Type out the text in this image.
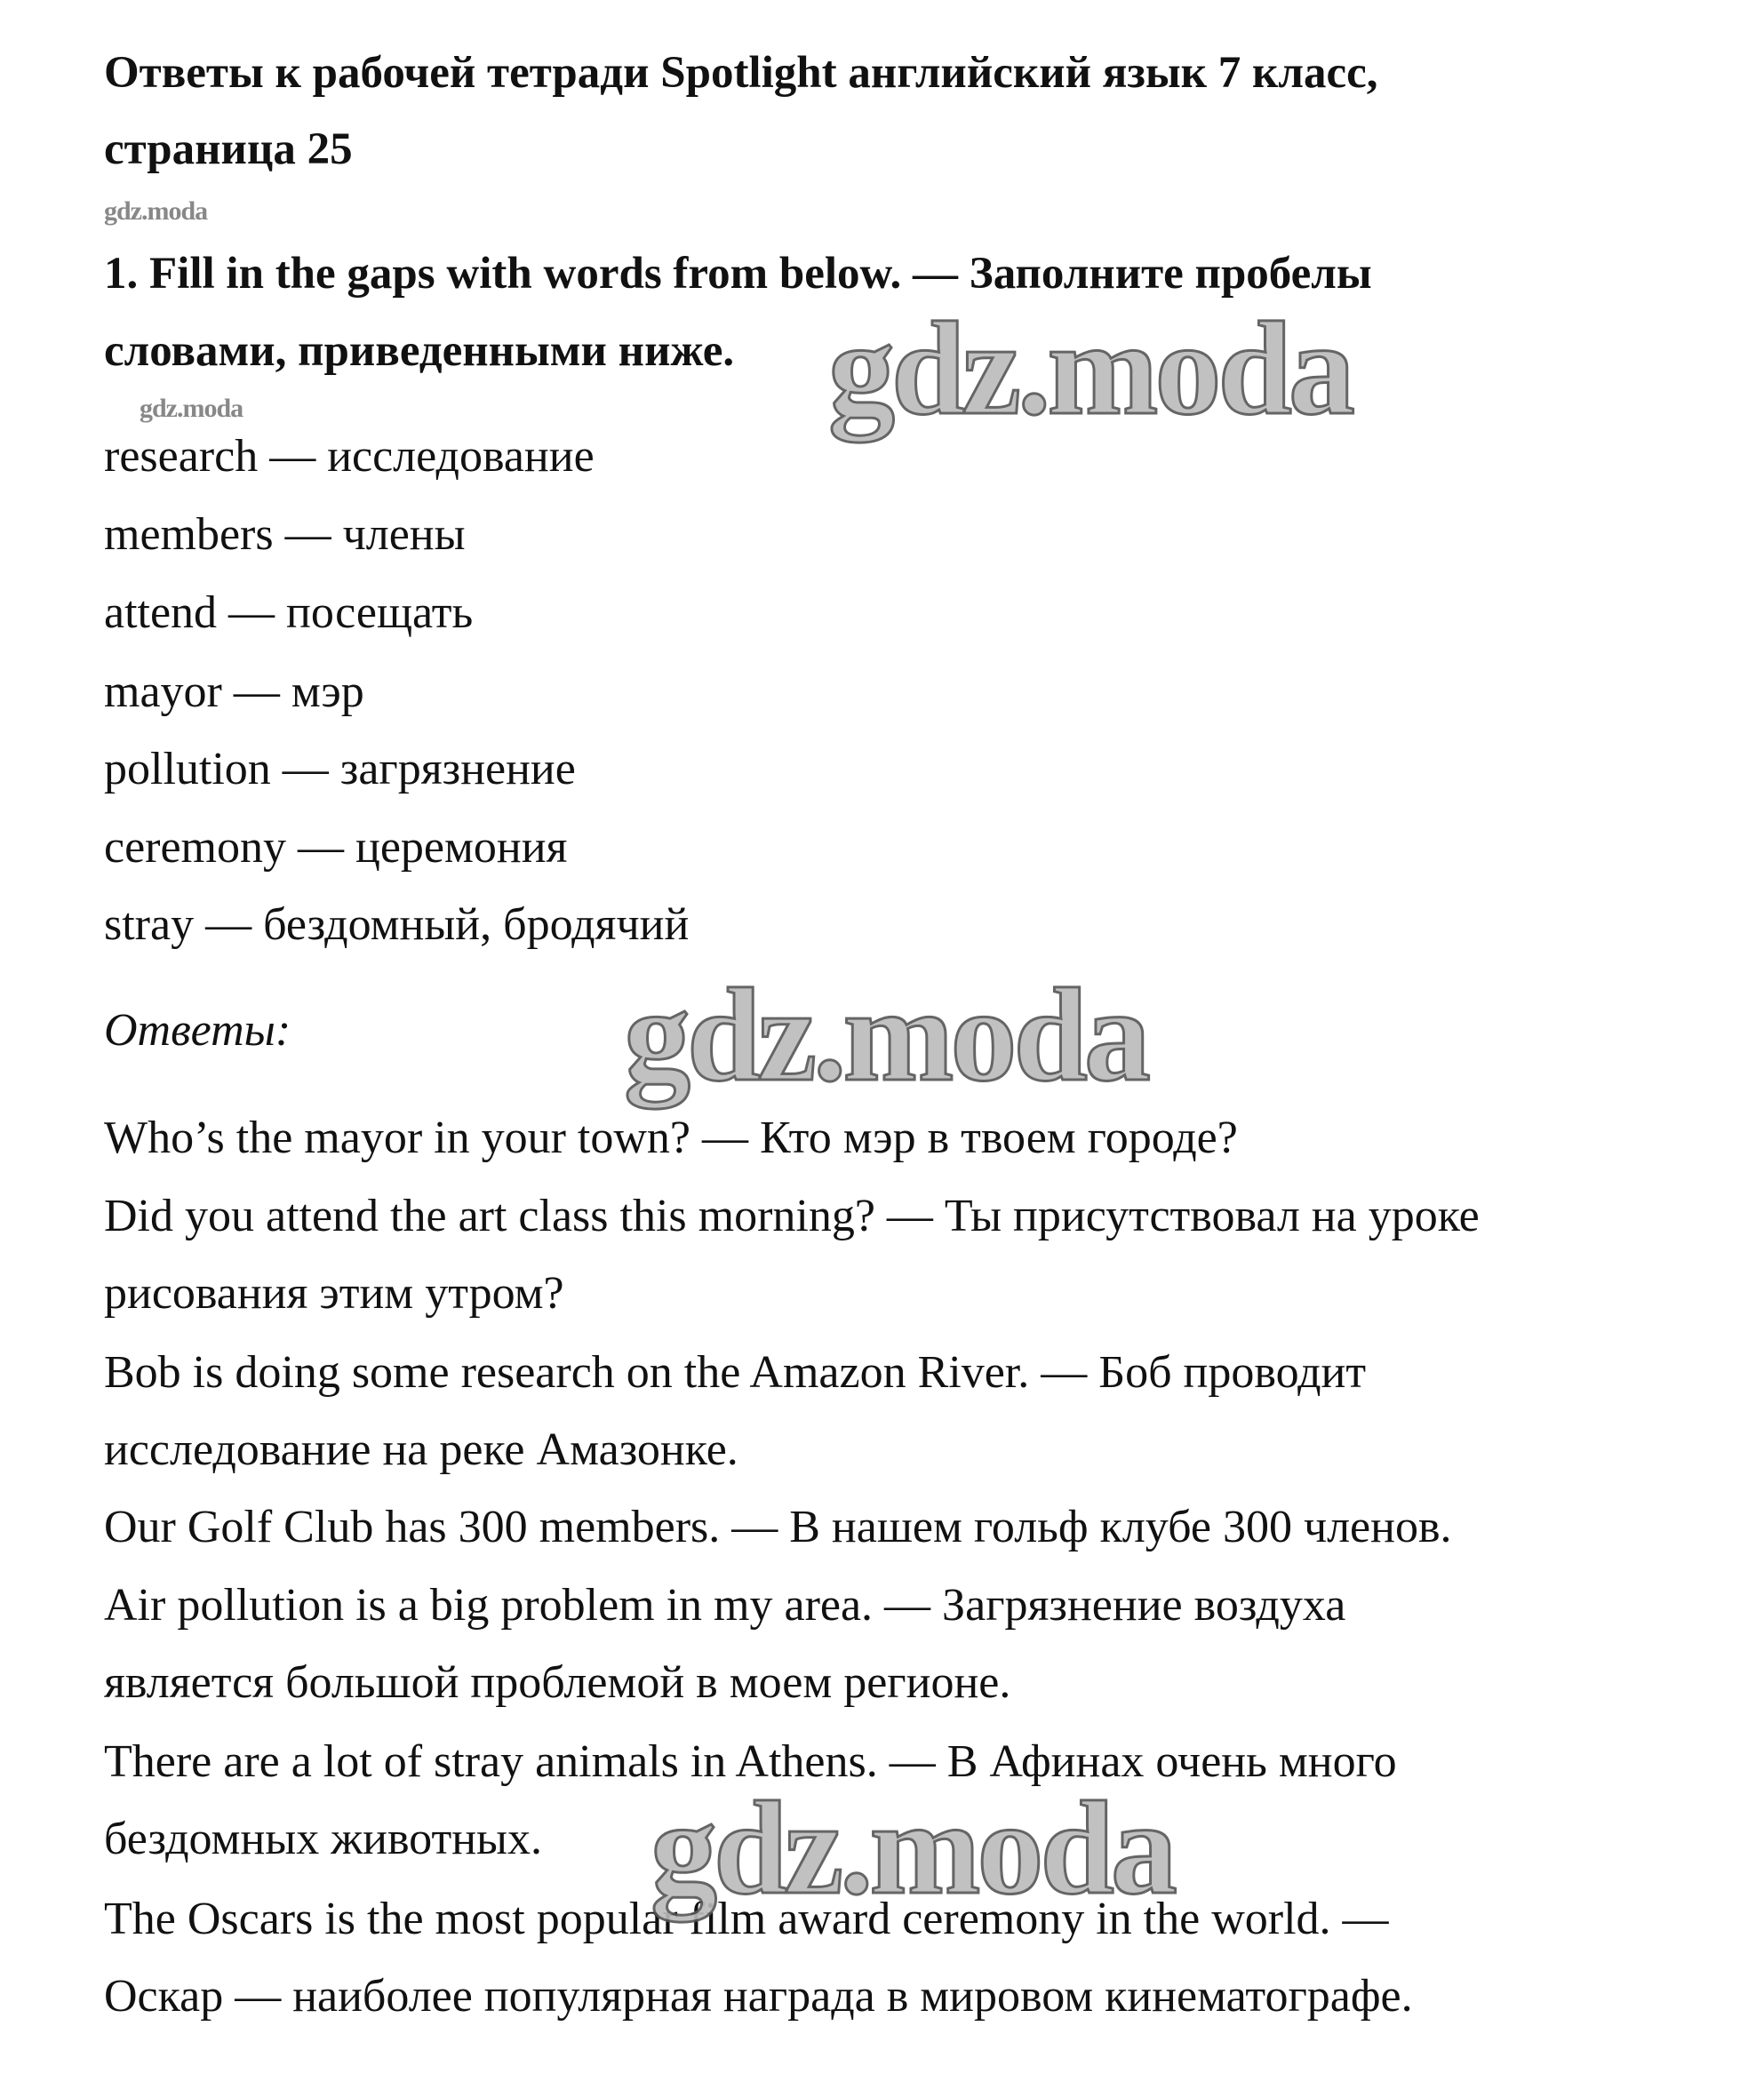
Ответы к рабочей тетради Spotlight английский язык 7 класс,
страница 25
gdz.moda
1. Fill in the gaps with words from below. — Заполните пробелы
словами, приведенными ниже.
gdz.moda
research — исследование
members — члены
attend — посещать
mayor — мэр
pollution — загрязнение
ceremony — церемония
stray — бездомный, бродячий
Ответы:
Who’s the mayor in your town? — Кто мэр в твоем городе?
Did you attend the art class this morning? — Ты присутствовал на уроке
рисования этим утром?
Bob is doing some research on the Amazon River. — Боб проводит
исследование на реке Амазонке.
Our Golf Club has 300 members. — В нашем гольф клубе 300 членов.
Air pollution is a big problem in my area. — Загрязнение воздуха
является большой проблемой в моем регионе.
There are a lot of stray animals in Athens. — В Афинах очень много
бездомных животных.
The Oscars is the most popular film award ceremony in the world. —
Оскар — наиболее популярная награда в мировом кинематографе.
gdz.moda
gdz.moda
gdz.moda
